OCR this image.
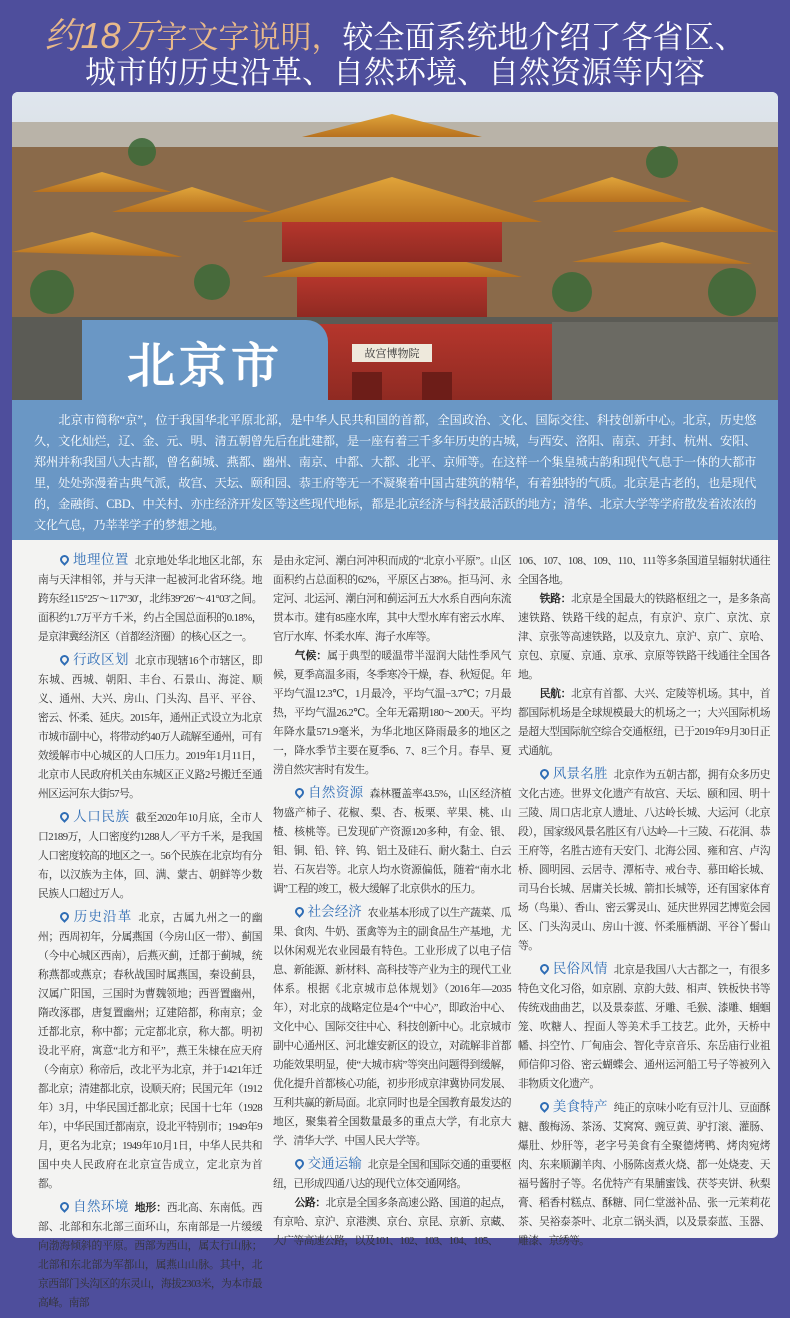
约18万字文字说明，较全面系统地介绍了各省区、
城市的历史沿革、自然环境、自然资源等内容
故宫博物院
北京市
北京市简称“京”，位于我国华北平原北部，是中华人民共和国的首都，全国政治、文化、国际交往、科技创新中心。北京，历史悠久，文化灿烂，辽、金、元、明、清五朝曾先后在此建都，是一座有着三千多年历史的古城，与西安、洛阳、南京、开封、杭州、安阳、郑州并称我国八大古都，曾名蓟城、燕都、幽州、南京、中都、大都、北平、京师等。在这样一个集皇城古韵和现代气息于一体的大都市里，处处弥漫着古典气派，故宫、天坛、颐和园、恭王府等无一不凝聚着中国古建筑的精华，有着独特的气质。北京是古老的，也是现代的，金融街、CBD、中关村、亦庄经济开发区等这些现代地标，都是北京经济与科技最活跃的地方；清华、北京大学等学府散发着浓浓的文化气息，乃莘莘学子的梦想之地。

地理位置 北京地处华北地区北部，东南与天津相邻，并与天津一起被河北省环绕。地跨东经115°25′～117°30′，北纬39°26′～41°03′之间。面积约1.7万平方千米，约占全国总面积的0.18%，是京津冀经济区（首都经济圈）的核心区之一。

行政区划 北京市现辖16个市辖区，即东城、西城、朝阳、丰台、石景山、海淀、顺义、通州、大兴、房山、门头沟、昌平、平谷、密云、怀柔、延庆。2015年，通州正式设立为北京市城市副中心，将带动约40万人疏解至通州，可有效缓解市中心城区的人口压力。2019年1月11日，北京市人民政府机关由东城区正义路2号搬迁至通州区运河东大街57号。

人口民族 截至2020年10月底，全市人口2189万，人口密度约1288人／平方千米，是我国人口密度较高的地区之一。56个民族在北京均有分布，以汉族为主体，回、满、蒙古、朝鲜等少数民族人口超过万人。

历史沿革 北京，古属九州之一的幽州；西周初年，分属燕国（今房山区一带）、蓟国（今中心城区西南），后燕灭蓟，迁都于蓟城，统称燕都或燕京；春秋战国时属燕国，秦设蓟县，汉属广阳国，三国时为曹魏领地；西晋置幽州，隋改涿郡，唐复置幽州；辽建陪都，称南京；金迁都北京，称中都；元定都北京，称大都。明初设北平府，寓意“北方和平”，燕王朱棣在应天府（今南京）称帝后，改北平为北京，并于1421年迁都北京；清建都北京，设顺天府；民国元年（1912年）3月，中华民国迁都北京；民国十七年（1928年），中华民国迁都南京，设北平特别市；1949年9月，更名为北京；1949年10月1日，中华人民共和国中央人民政府在北京宣告成立，定北京为首都。

自然环境 地形：西北高、东南低。西部、北部和东北部三面环山，东南部是一片缓缓向渤海倾斜的平原。西部为西山，属太行山脉；北部和东北部为军都山，属燕山山脉。其中，北京西部门头沟区的东灵山，海拔2303米，为本市最高峰。南部

是由永定河、潮白河冲积而成的“北京小平原”。山区面积约占总面积的62%，平原区占38%。拒马河、永定河、北运河、潮白河和蓟运河五大水系自西向东流贯本市。建有85座水库，其中大型水库有密云水库、官厅水库、怀柔水库、海子水库等。

气候：属于典型的暖温带半湿润大陆性季风气候，夏季高温多雨，冬季寒冷干燥，春、秋短促。年平均气温12.3℃，1月最冷，平均气温−3.7℃；7月最热，平均气温26.2℃。全年无霜期180～200天。平均年降水量571.9毫米，为华北地区降雨最多的地区之一，降水季节主要在夏季6、7、8三个月。春旱、夏涝自然灾害时有发生。

自然资源 森林覆盖率43.5%，山区经济植物盛产柿子、花椒、梨、杏、板栗、苹果、桃、山楂、核桃等。已发现矿产资源120多种，有金、银、钼、铜、铅、锌、钨、铝土及硅石、耐火黏土、白云岩、石灰岩等。北京人均水资源偏低，随着“南水北调”工程的竣工，极大缓解了北京供水的压力。

社会经济 农业基本形成了以生产蔬菜、瓜果、食肉、牛奶、蛋禽等为主的副食品生产基地，尤以休闲观光农业园最有特色。工业形成了以电子信息、新能源、新材料、高科技等产业为主的现代工业体系。根据《北京城市总体规划》（2016年—2035年），对北京的战略定位是4个“中心”，即政治中心、文化中心、国际交往中心、科技创新中心。北京城市副中心通州区、河北雄安新区的设立，对疏解非首都功能效果明显，使“大城市病”等突出问题得到缓解，优化提升首都核心功能，初步形成京津冀协同发展、互利共赢的新局面。北京同时也是全国教育最发达的地区，聚集着全国数量最多的重点大学，有北京大学、清华大学、中国人民大学等。

交通运输 北京是全国和国际交通的重要枢纽，已形成四通八达的现代立体交通网络。

公路：北京是全国多条高速公路、国道的起点，有京哈、京沪、京港澳、京台、京昆、京新、京藏、大广等高速公路，以及101、102、103、104、105、

106、107、108、109、110、111等多条国道呈辐射状通往全国各地。

铁路：北京是全国最大的铁路枢纽之一，是多条高速铁路、铁路干线的起点，有京沪、京广、京沈、京津、京张等高速铁路，以及京九、京沪、京广、京哈、京包、京厦、京通、京承、京原等铁路干线通往全国各地。

民航：北京有首都、大兴、定陵等机场。其中，首都国际机场是全球规模最大的机场之一；大兴国际机场是超大型国际航空综合交通枢纽，已于2019年9月30日正式通航。

风景名胜 北京作为五朝古都，拥有众多历史文化古迹。世界文化遗产有故宫、天坛、颐和园、明十三陵、周口店北京人遗址、八达岭长城、大运河（北京段），国家级风景名胜区有八达岭—十三陵、石花洞、恭王府等，名胜古迹有天安门、北海公园、雍和宫、卢沟桥、圆明园、云居寺、潭柘寺、戒台寺、慕田峪长城、司马台长城、居庸关长城、箭扣长城等，还有国家体育场（鸟巢）、香山、密云雾灵山、延庆世界园艺博览会园区、门头沟灵山、房山十渡、怀柔雁栖湖、平谷丫髻山等。

民俗风情 北京是我国八大古都之一，有很多特色文化习俗，如京剧、京韵大鼓、相声、铁板快书等传统戏曲曲艺，以及景泰蓝、牙雕、毛猴、漆雕、蝈蝈笼、吹糖人、捏面人等美术手工技艺。此外，天桥中幡、抖空竹、厂甸庙会、智化寺京音乐、东岳庙行业祖师信仰习俗、密云蝴蝶会、通州运河船工号子等被列入非物质文化遗产。

美食特产 纯正的京味小吃有豆汁儿、豆面酥糖、酸梅汤、茶汤、艾窝窝、豌豆黄、驴打滚、灌肠、爆肚、炒肝等，老字号美食有全聚德烤鸭、烤肉宛烤肉、东来顺涮羊肉、小肠陈卤煮火烧、都一处烧麦、天福号酱肘子等。名优特产有果脯蜜饯、茯苓夹饼、秋梨膏、稻香村糕点、酥糖、同仁堂滋补品、张一元茉莉花茶、吴裕泰茶叶、北京二锅头酒，以及景泰蓝、玉器、雕漆、京绣等。
